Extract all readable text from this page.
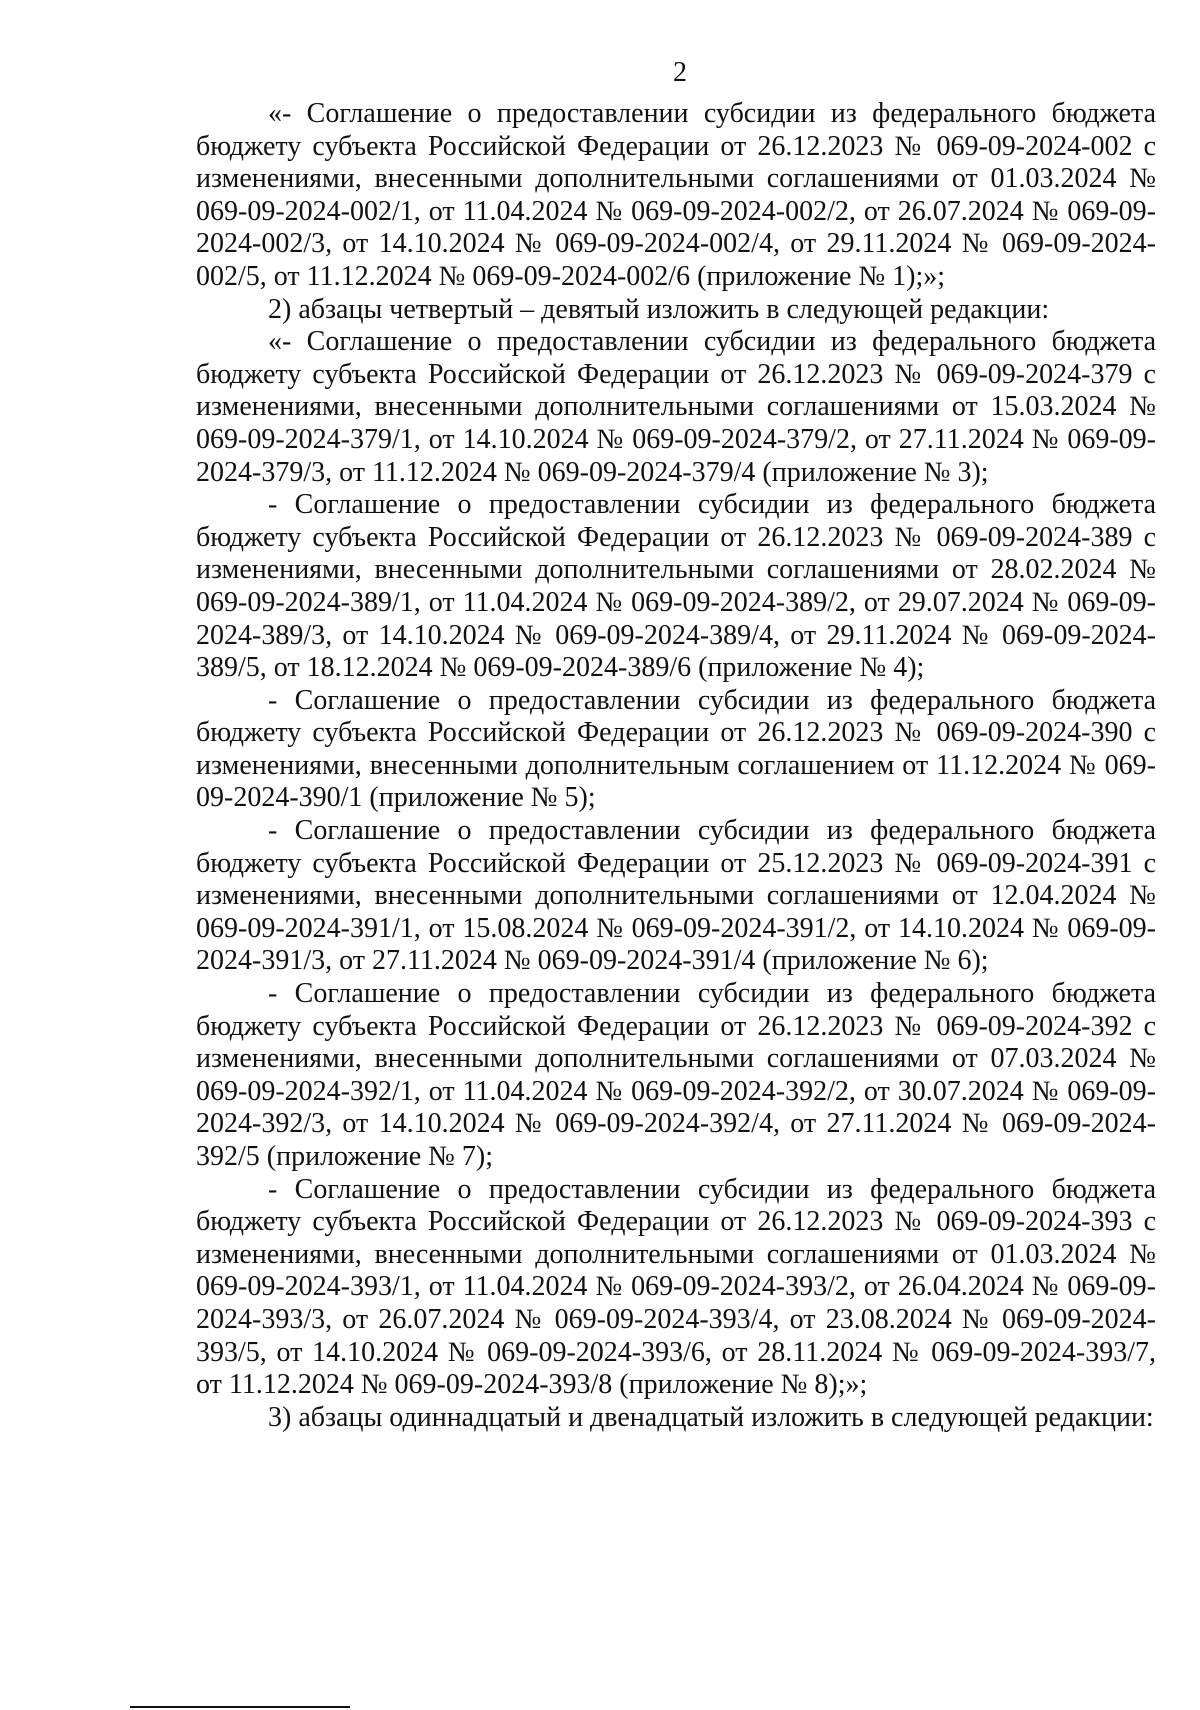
2

«- Соглашение о предоставлении субсидии из федерального бюджета бюджету субъекта Российской Федерации от 26.12.2023 № 069-09-2024-002 с изменениями, внесенными дополнительными соглашениями от 01.03.2024 № 069-09-2024-002/1, от 11.04.2024 № 069-09-2024-002/2, от 26.07.2024 № 069-09-2024-002/3, от 14.10.2024 № 069-09-2024-002/4, от 29.11.2024 № 069-09-2024-002/5, от 11.12.2024 № 069-09-2024-002/6 (приложение № 1);»;

2) абзацы четвертый – девятый изложить в следующей редакции:

«- Соглашение о предоставлении субсидии из федерального бюджета бюджету субъекта Российской Федерации от 26.12.2023 № 069-09-2024-379 с изменениями, внесенными дополнительными соглашениями от 15.03.2024 № 069-09-2024-379/1, от 14.10.2024 № 069-09-2024-379/2, от 27.11.2024 № 069-09-2024-379/3, от 11.12.2024 № 069-09-2024-379/4 (приложение № 3);

- Соглашение о предоставлении субсидии из федерального бюджета бюджету субъекта Российской Федерации от 26.12.2023 № 069-09-2024-389 с изменениями, внесенными дополнительными соглашениями от 28.02.2024 № 069-09-2024-389/1, от 11.04.2024 № 069-09-2024-389/2, от 29.07.2024 № 069-09-2024-389/3, от 14.10.2024 № 069-09-2024-389/4, от 29.11.2024 № 069-09-2024-389/5, от 18.12.2024 № 069-09-2024-389/6 (приложение № 4);

- Соглашение о предоставлении субсидии из федерального бюджета бюджету субъекта Российской Федерации от 26.12.2023 № 069-09-2024-390 с изменениями, внесенными дополнительным соглашением от 11.12.2024 № 069-09-2024-390/1 (приложение № 5);

- Соглашение о предоставлении субсидии из федерального бюджета бюджету субъекта Российской Федерации от 25.12.2023 № 069-09-2024-391 с изменениями, внесенными дополнительными соглашениями от 12.04.2024 № 069-09-2024-391/1, от 15.08.2024 № 069-09-2024-391/2, от 14.10.2024 № 069-09-2024-391/3, от 27.11.2024 № 069-09-2024-391/4 (приложение № 6);

- Соглашение о предоставлении субсидии из федерального бюджета бюджету субъекта Российской Федерации от 26.12.2023 № 069-09-2024-392 с изменениями, внесенными дополнительными соглашениями от 07.03.2024 № 069-09-2024-392/1, от 11.04.2024 № 069-09-2024-392/2, от 30.07.2024 № 069-09-2024-392/3, от 14.10.2024 № 069-09-2024-392/4, от 27.11.2024 № 069-09-2024-392/5 (приложение № 7);

- Соглашение о предоставлении субсидии из федерального бюджета бюджету субъекта Российской Федерации от 26.12.2023 № 069-09-2024-393 с изменениями, внесенными дополнительными соглашениями от 01.03.2024 № 069-09-2024-393/1, от 11.04.2024 № 069-09-2024-393/2, от 26.04.2024 № 069-09-2024-393/3, от 26.07.2024 № 069-09-2024-393/4, от 23.08.2024 № 069-09-2024-393/5, от 14.10.2024 № 069-09-2024-393/6, от 28.11.2024 № 069-09-2024-393/7, от 11.12.2024 № 069-09-2024-393/8 (приложение № 8);»;

3) абзацы одиннадцатый и двенадцатый изложить в следующей редакции:
